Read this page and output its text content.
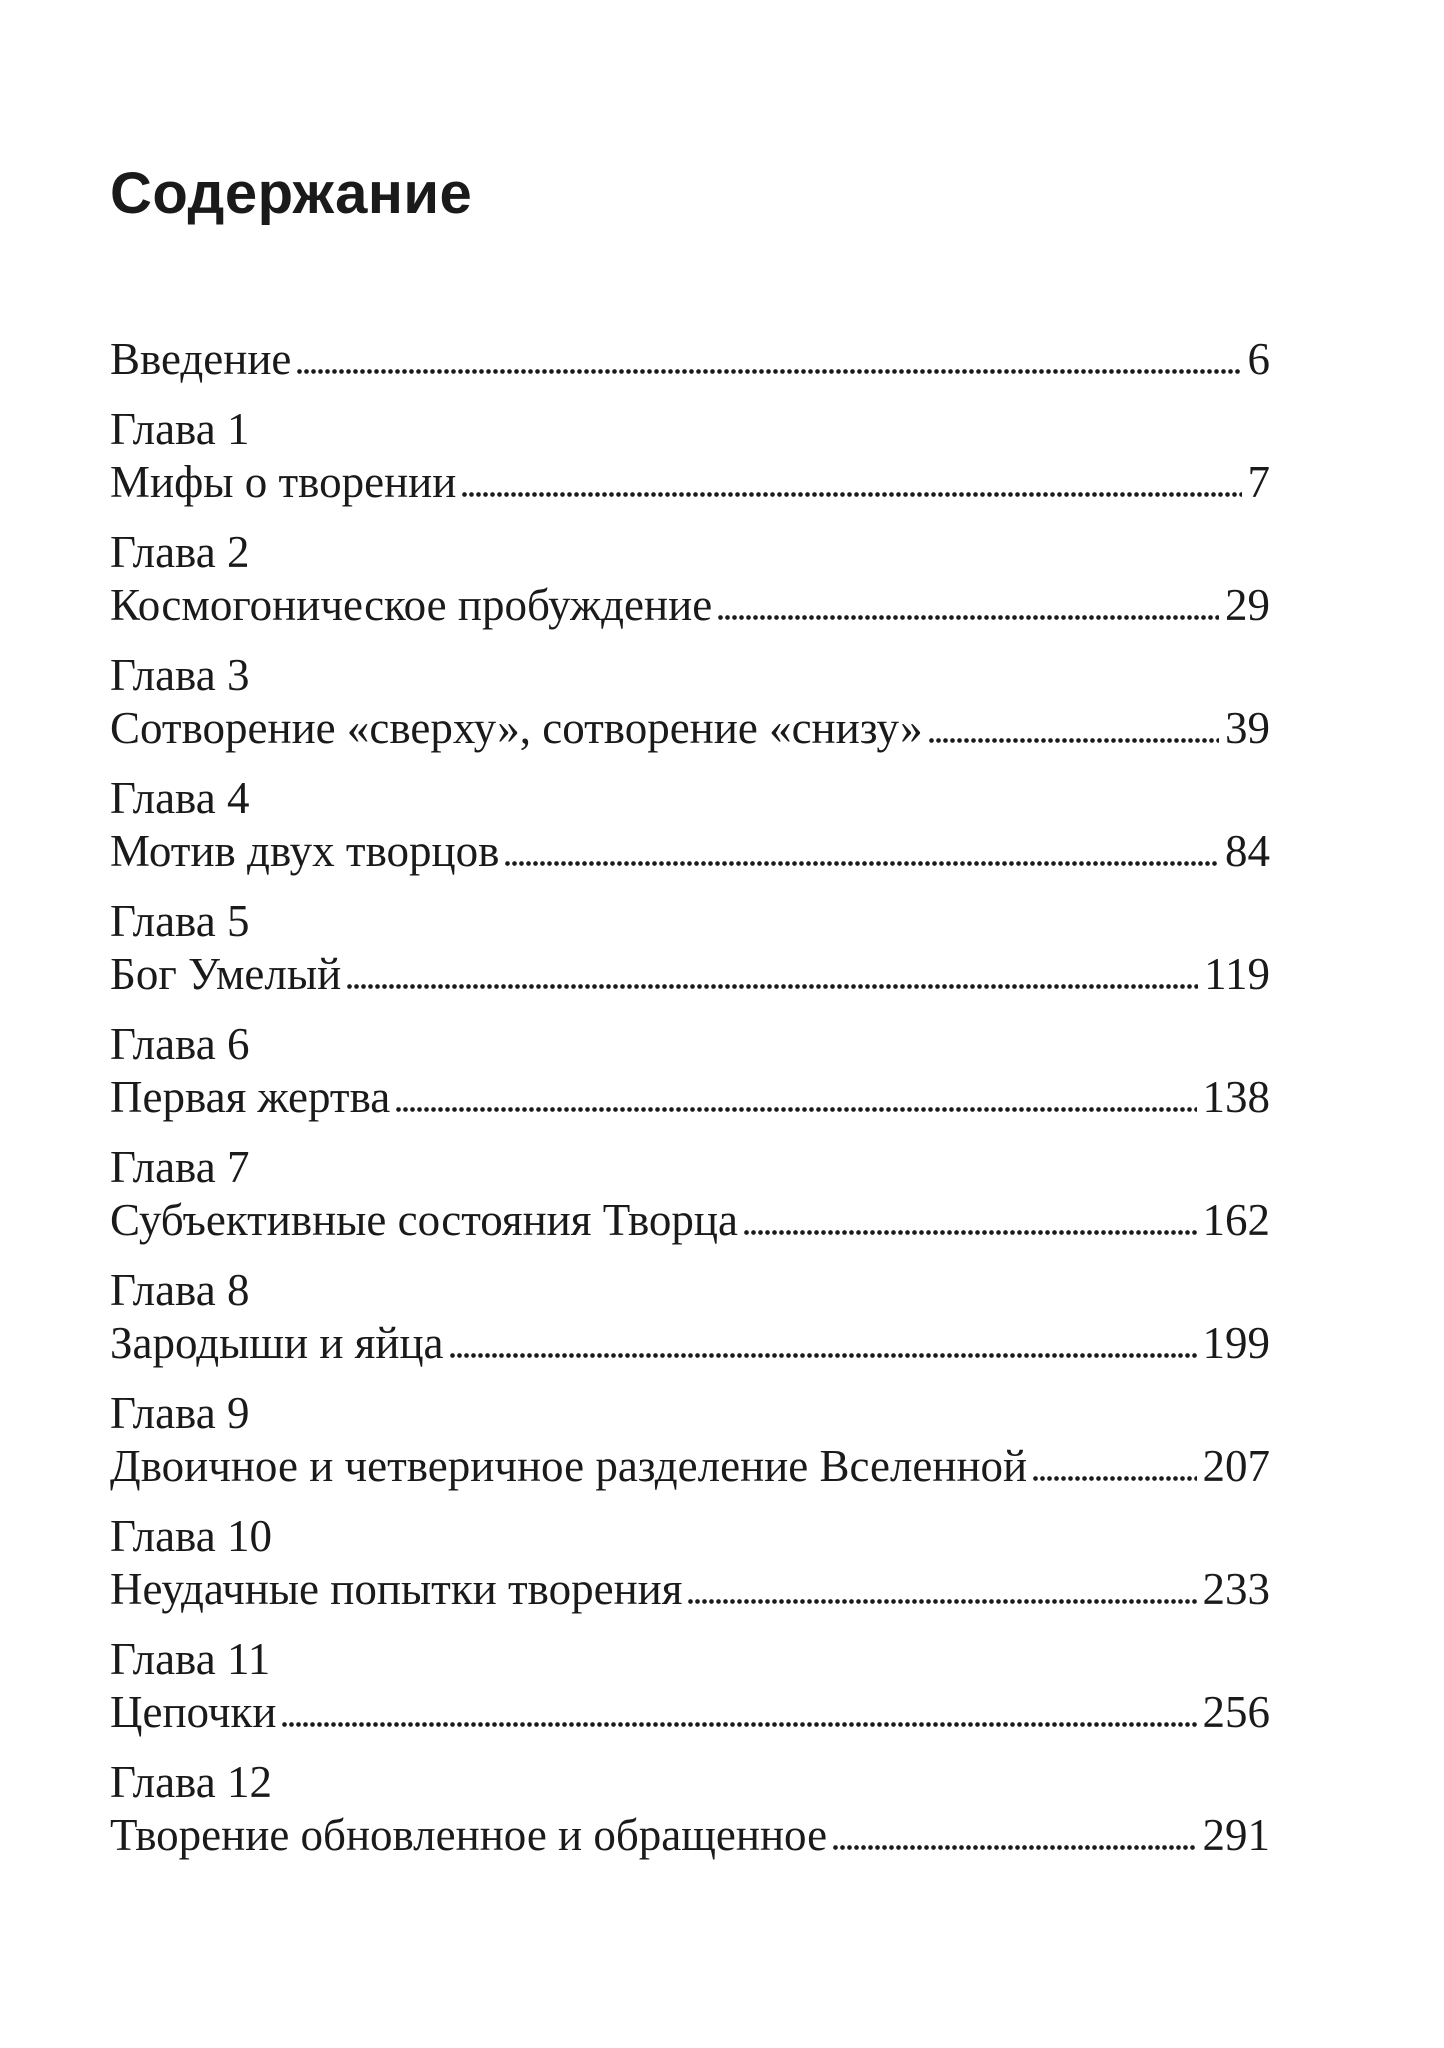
Содержание
Введение	6
Глава 1
Мифы о творении	7
Глава 2
Космогоническое пробуждение	29
Глава 3
Сотворение «сверху», сотворение «снизу»	39
Глава 4
Мотив двух творцов	84
Глава 5
Бог Умелый	119
Глава 6
Первая жертва	138
Глава 7
Субъективные состояния Творца	162
Глава 8
Зародыши и яйца	199
Глава 9
Двоичное и четверичное разделение Вселенной	207
Глава 10
Неудачные попытки творения	233
Глава 11
Цепочки	256
Глава 12
Творение обновленное и обращенное	291
